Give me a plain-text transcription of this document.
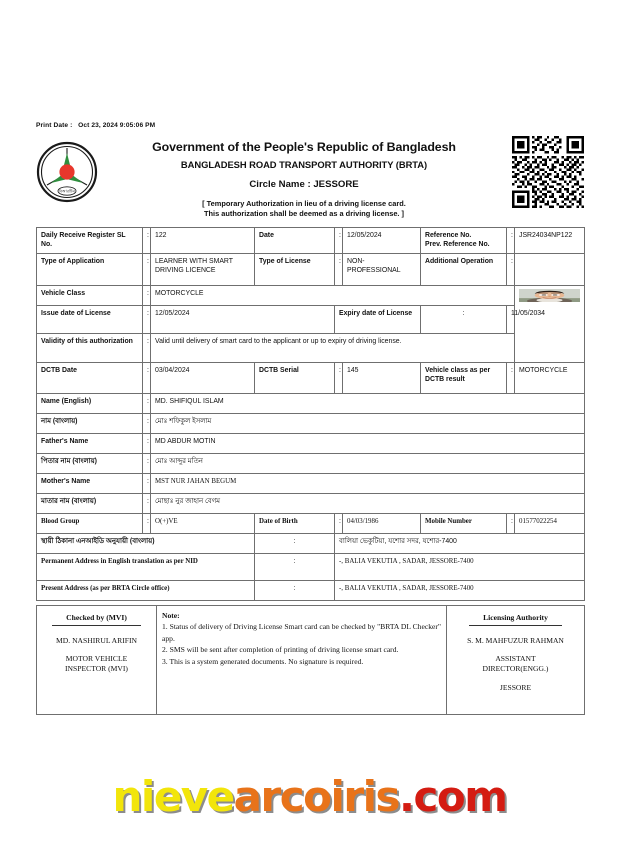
Print Date : Oct 23, 2024 9:05:06 PM
বিআরটিএ
Government of the People's Republic of Bangladesh
BANGLADESH ROAD TRANSPORT AUTHORITY (BRTA)
Circle Name : JESSORE
[ Temporary Authorization in lieu of a driving license card.
This authorization shall be deemed as a driving license. ]
Daily Receive Register SL No.	:	122	Date	:	12/05/2024	Reference No.
Prev. Reference No.	:	JSR24034NP122
Type of Application	:	LEARNER WITH SMART DRIVING LICENCE	Type of License	:	NON-PROFESSIONAL	Additional Operation	:	
Vehicle Class	:	MOTORCYCLE	

Issue date of License	:	12/05/2024		Expiry date of License		:	11/05/2034	
Validity of this authorization	:	Valid until delivery of smart card to the applicant or up to expiry of driving license.						
DCTB Date	:	03/04/2024	DCTB Serial	:	145	Vehicle class as per DCTB result	:	MOTORCYCLE
Name (English)	:	MD. SHIFIQUL ISLAM						
নাম (বাংলায়)	:	মোঃ শফিকুল ইসলাম						
Father's Name	:	MD ABDUR MOTIN						
পিতার নাম (বাংলায়)	:	মোঃ আব্দুর মতিন						
Mother's Name	:	MST NUR JAHAN BEGUM						
মাতার নাম (বাংলায়)	:	মোছাঃ নুর জাহান বেগম						
Blood Group	:	O(+)VE	Date of Birth	:	04/03/1986	Mobile Number	:	01577022254
স্থায়ী ঠিকানা এনআইডি অনুযায়ী (বাংলায়)			:	বালিয়া ভেকুটিয়া, যশোর সদর, যশোর-7400				
Permanent Address in English translation as per NID			:	-, BALIA VEKUTIA , SADAR, JESSORE-7400				
Present Address (as per BRTA Circle office)			:	-, BALIA VEKUTIA , SADAR, JESSORE-7400				
Checked by (MVI)
MD. NASHIRUL ARIFIN
MOTOR VEHICLE
INSPECTOR (MVI)

Note:

1. Status of delivery of Driving License Smart card can be checked by "BRTA DL Checker" app.

2. SMS will be sent after completion of printing of driving license smart card.

3. This is a system generated documents. No signature is required.

	Licensing Authority
S. M. MAHFUZUR RAHMAN
ASSISTANT
DIRECTOR(ENGG.)
JESSORE
nievearcoiris.com
